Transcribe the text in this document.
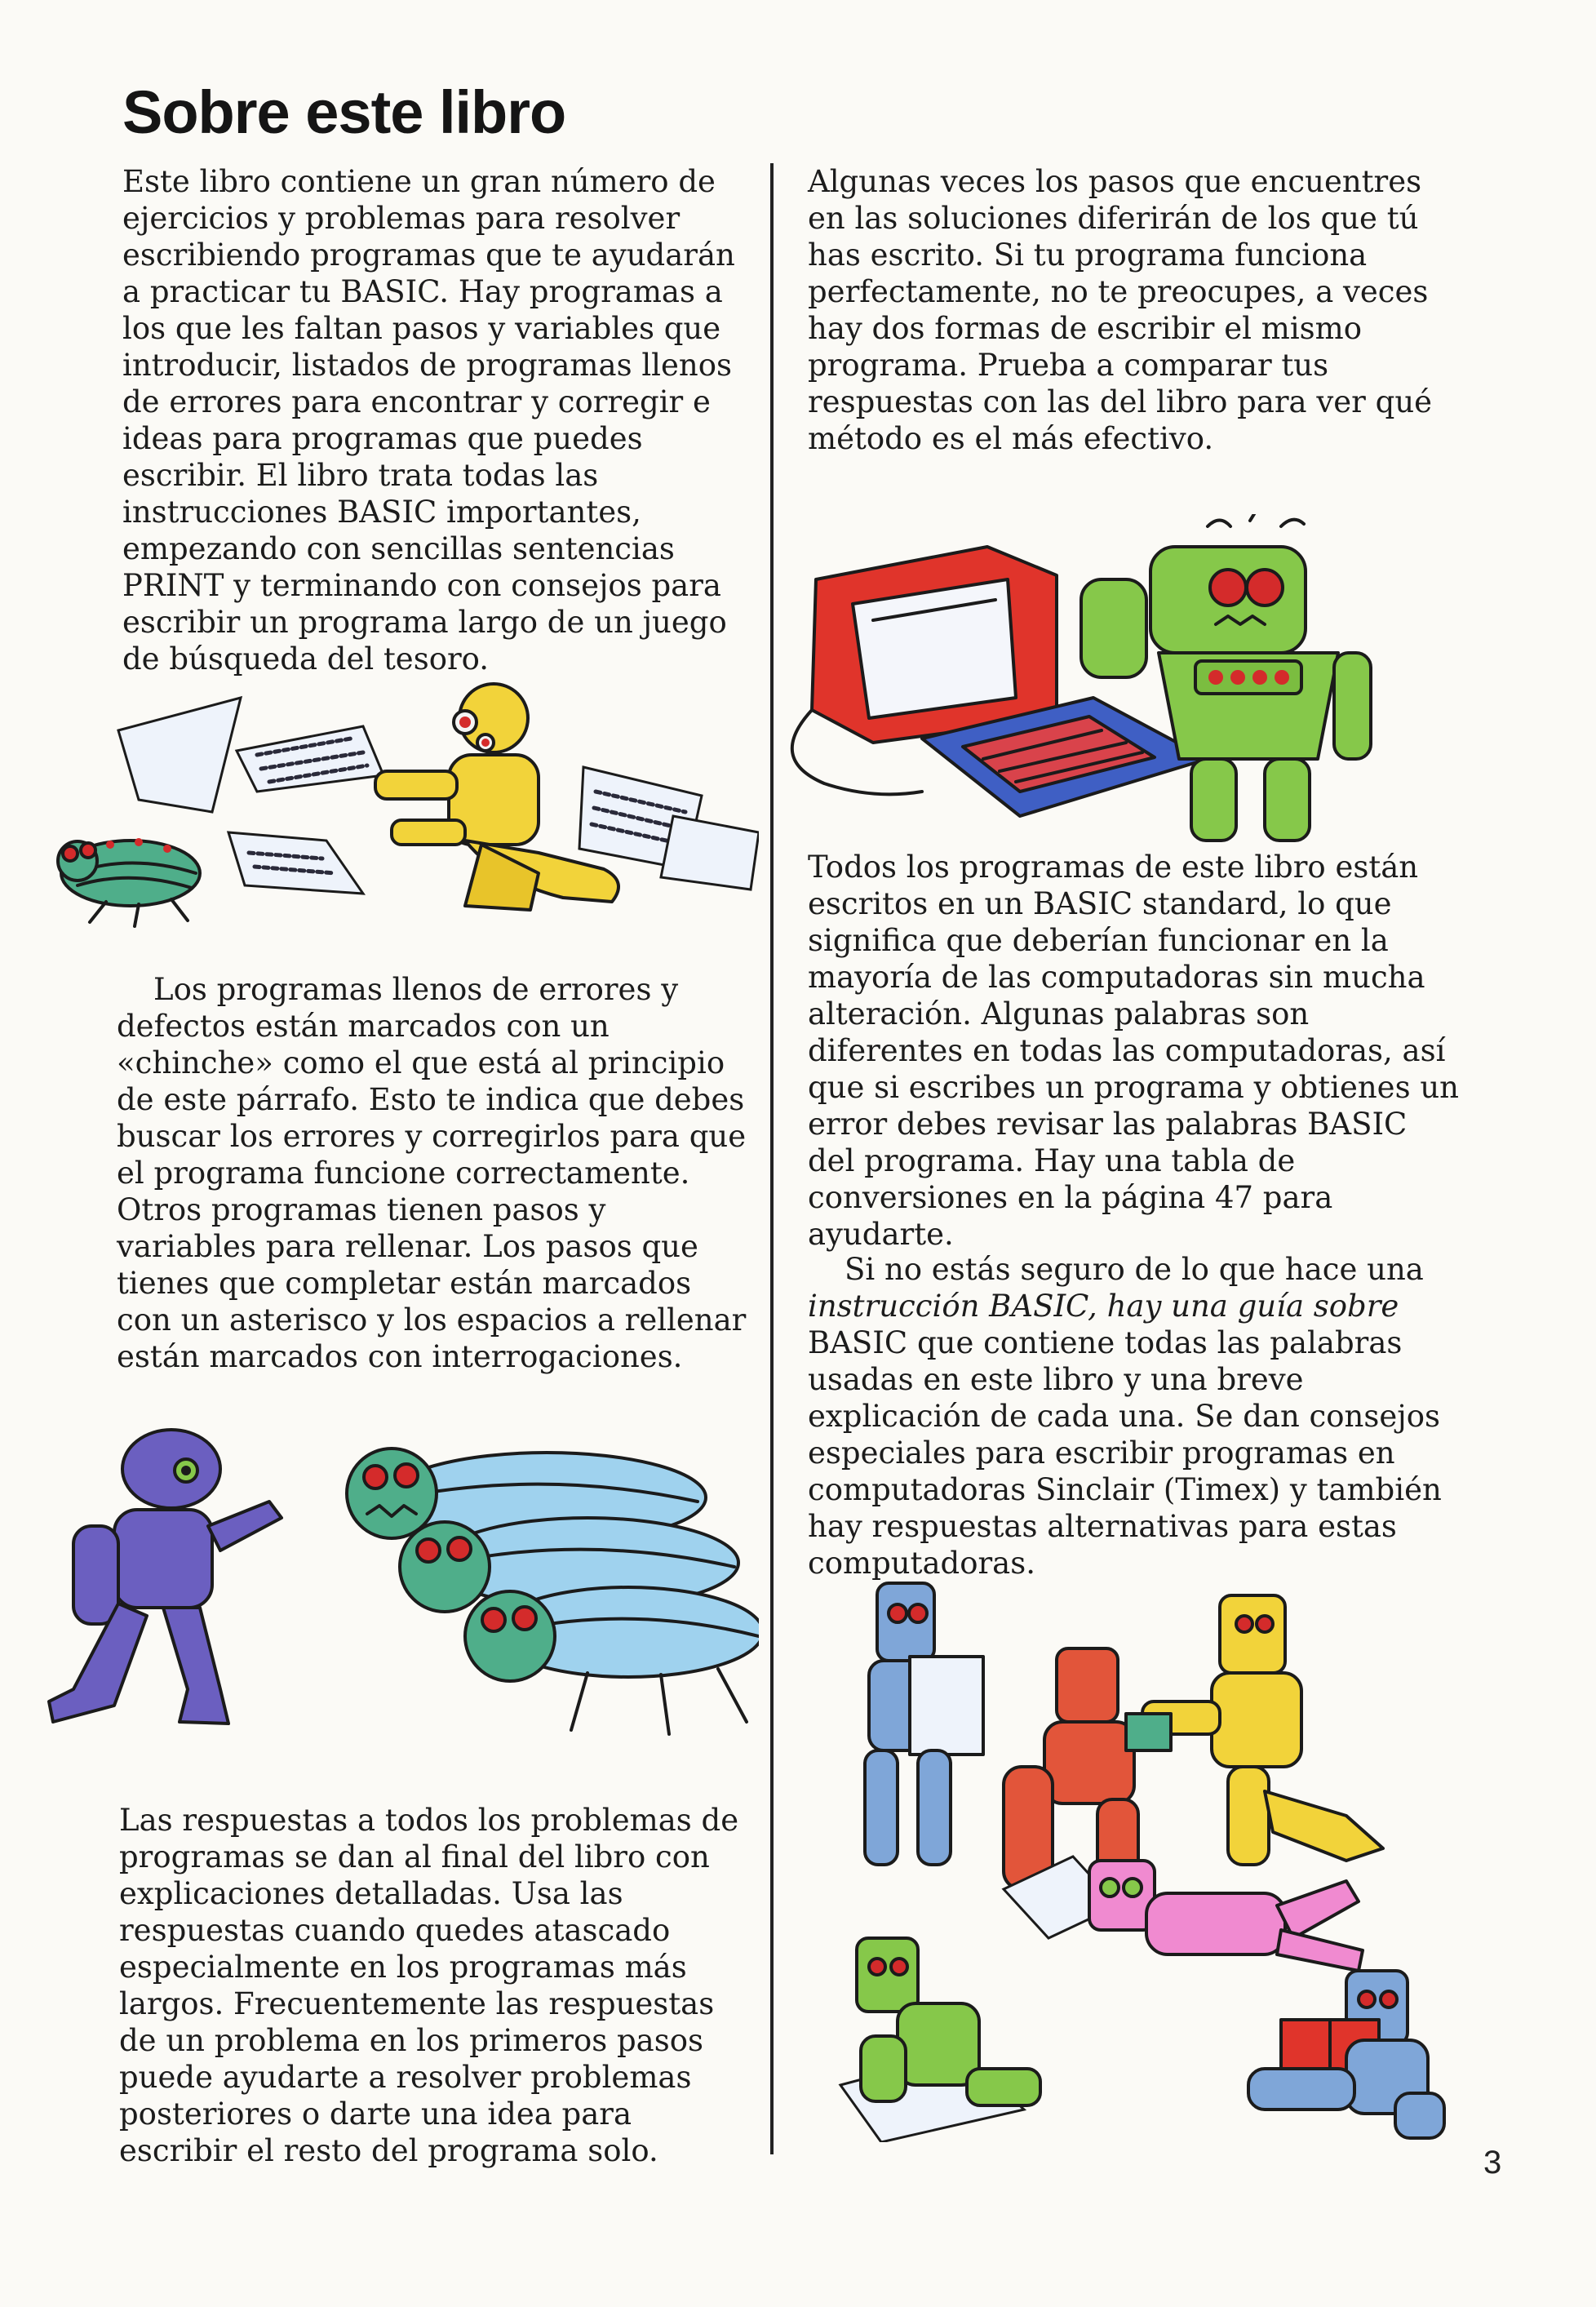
Sobre este libro

Este libro contiene un gran número de ejercicios y problemas para resolver escribiendo programas que te ayudarán a practicar tu BASIC. Hay programas a los que les faltan pasos y variables que introducir, listados de programas llenos de errores para encontrar y corregir e ideas para programas que puedes escribir. El libro trata todas las instrucciones BASIC importantes, empezando con sencillas sentencias PRINT y terminando con consejos para escribir un programa largo de un juego de búsqueda del tesoro.

Los programas llenos de errores y defectos están marcados con un «chinche» como el que está al principio de este párrafo. Esto te indica que debes buscar los errores y corregirlos para que el programa funcione correctamente. Otros programas tienen pasos y variables para rellenar. Los pasos que tienes que completar están marcados con un asterisco y los espacios a rellenar están marcados con interrogaciones.

Las respuestas a todos los problemas de programas se dan al final del libro con explicaciones detalladas. Usa las respuestas cuando quedes atascado especialmente en los programas más largos. Frecuentemente las respuestas de un problema en los primeros pasos puede ayudarte a resolver problemas posteriores o darte una idea para escribir el resto del programa solo.

Algunas veces los pasos que encuentres en las soluciones diferirán de los que tú has escrito. Si tu programa funciona perfectamente, no te preocupes, a veces hay dos formas de escribir el mismo programa. Prueba a comparar tus respuestas con las del libro para ver qué método es el más efectivo.

Todos los programas de este libro están escritos en un BASIC standard, lo que significa que deberían funcionar en la mayoría de las computadoras sin mucha alteración. Algunas palabras son diferentes en todas las computadoras, así que si escribes un programa y obtienes un error debes revisar las palabras BASIC del programa. Hay una tabla de conversiones en la página 47 para ayudarte.

Si no estás seguro de lo que hace una instrucción BASIC, hay una guía sobre BASIC que contiene todas las palabras usadas en este libro y una breve explicación de cada una. Se dan consejos especiales para escribir programas en computadoras Sinclair (Timex) y también hay respuestas alternativas para estas computadoras.

3
